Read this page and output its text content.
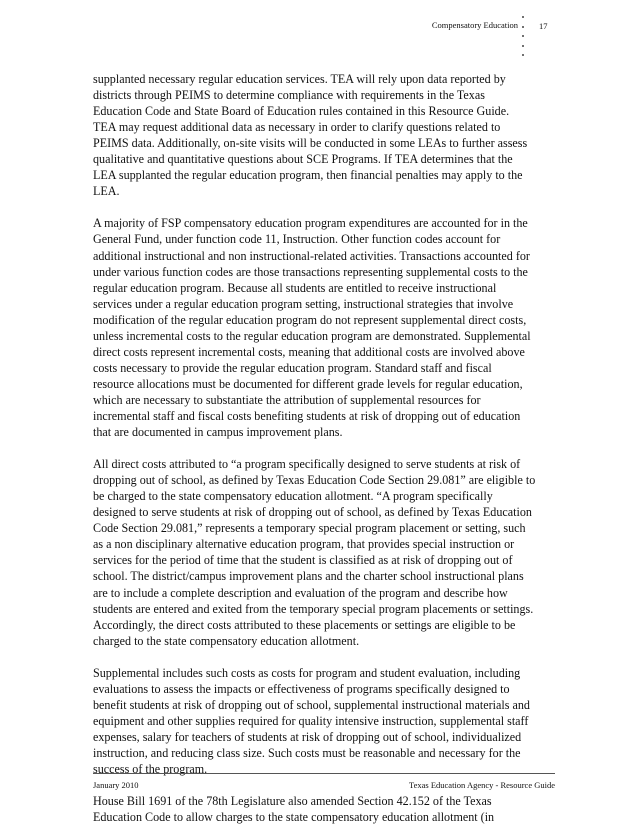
Compensatory Education 17

supplanted necessary regular education services. TEA will rely upon data reported by
districts through PEIMS to determine compliance with requirements in the Texas
Education Code and State Board of Education rules contained in this Resource Guide.
TEA may request additional data as necessary in order to clarify questions related to
PEIMS data. Additionally, on-site visits will be conducted in some LEAs to further assess
qualitative and quantitative questions about SCE Programs. If TEA determines that the
LEA supplanted the regular education program, then financial penalties may apply to the
LEA.

A majority of FSP compensatory education program expenditures are accounted for in the
General Fund, under function code 11, Instruction. Other function codes account for
additional instructional and non instructional-related activities. Transactions accounted for
under various function codes are those transactions representing supplemental costs to the
regular education program. Because all students are entitled to receive instructional
services under a regular education program setting, instructional strategies that involve
modification of the regular education program do not represent supplemental direct costs,
unless incremental costs to the regular education program are demonstrated. Supplemental
direct costs represent incremental costs, meaning that additional costs are involved above
costs necessary to provide the regular education program. Standard staff and fiscal
resource allocations must be documented for different grade levels for regular education,
which are necessary to substantiate the attribution of supplemental resources for
incremental staff and fiscal costs benefiting students at risk of dropping out of education
that are documented in campus improvement plans.

All direct costs attributed to “a program specifically designed to serve students at risk of
dropping out of school, as defined by Texas Education Code Section 29.081” are eligible to
be charged to the state compensatory education allotment. “A program specifically
designed to serve students at risk of dropping out of school, as defined by Texas Education
Code Section 29.081,” represents a temporary special program placement or setting, such
as a non disciplinary alternative education program, that provides special instruction or
services for the period of time that the student is classified as at risk of dropping out of
school. The district/campus improvement plans and the charter school instructional plans
are to include a complete description and evaluation of the program and describe how
students are entered and exited from the temporary special program placements or settings.
Accordingly, the direct costs attributed to these placements or settings are eligible to be
charged to the state compensatory education allotment.

Supplemental includes such costs as costs for program and student evaluation, including
evaluations to assess the impacts or effectiveness of programs specifically designed to
benefit students at risk of dropping out of school, supplemental instructional materials and
equipment and other supplies required for quality intensive instruction, supplemental staff
expenses, salary for teachers of students at risk of dropping out of school, individualized
instruction, and reducing class size. Such costs must be reasonable and necessary for the
success of the program.

House Bill 1691 of the 78th Legislature also amended Section 42.152 of the Texas
Education Code to allow charges to the state compensatory education allotment (in

January 2010	Texas Education Agency - Resource Guide
